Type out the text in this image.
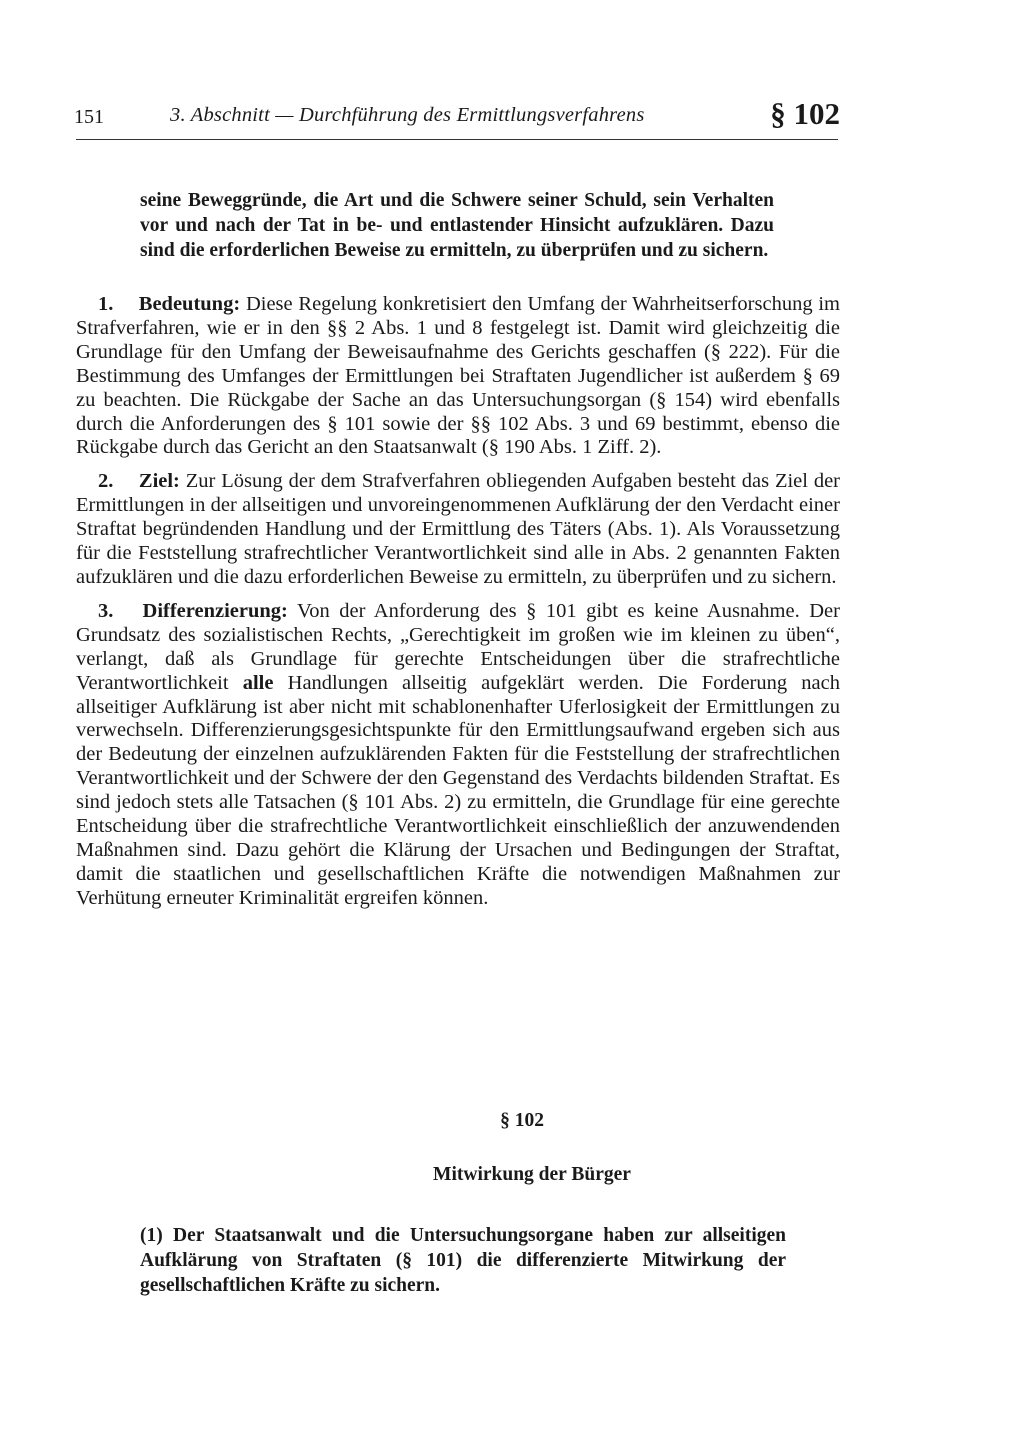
151	3. Abschnitt — Durchführung des Ermittlungsverfahrens	§ 102

seine Beweggründe, die Art und die Schwere seiner Schuld, sein Verhalten vor und nach der Tat in be- und entlastender Hinsicht aufzuklären. Dazu sind die erforderlichen Beweise zu ermitteln, zu überprüfen und zu sichern.

1. Bedeutung: Diese Regelung konkretisiert den Umfang der Wahrheitserforschung im Strafverfahren, wie er in den §§ 2 Abs. 1 und 8 festgelegt ist. Damit wird gleichzeitig die Grundlage für den Umfang der Beweisaufnahme des Gerichts geschaffen (§ 222). Für die Bestimmung des Umfanges der Ermittlungen bei Straftaten Jugendlicher ist außerdem § 69 zu beachten. Die Rückgabe der Sache an das Untersuchungsorgan (§ 154) wird ebenfalls durch die Anforderungen des § 101 sowie der §§ 102 Abs. 3 und 69 bestimmt, ebenso die Rückgabe durch das Gericht an den Staatsanwalt (§ 190 Abs. 1 Ziff. 2).

2. Ziel: Zur Lösung der dem Strafverfahren obliegenden Aufgaben besteht das Ziel der Ermittlungen in der allseitigen und unvoreingenommenen Aufklärung der den Verdacht einer Straftat begründenden Handlung und der Ermittlung des Täters (Abs. 1). Als Voraussetzung für die Feststellung strafrechtlicher Verantwortlichkeit sind alle in Abs. 2 genannten Fakten aufzuklären und die dazu erforderlichen Beweise zu ermitteln, zu überprüfen und zu sichern.

3. Differenzierung: Von der Anforderung des § 101 gibt es keine Ausnahme. Der Grundsatz des sozialistischen Rechts, „Gerechtigkeit im großen wie im kleinen zu üben“, verlangt, daß als Grundlage für gerechte Entscheidungen über die strafrechtliche Verantwortlichkeit alle Handlungen allseitig aufgeklärt werden. Die Forderung nach allseitiger Aufklärung ist aber nicht mit schablonenhafter Uferlosigkeit der Ermittlungen zu verwechseln. Differenzierungsgesichtspunkte für den Ermittlungsaufwand ergeben sich aus der Bedeutung der einzelnen aufzuklärenden Fakten für die Feststellung der strafrechtlichen Verantwortlichkeit und der Schwere der den Gegenstand des Verdachts bildenden Straftat. Es sind jedoch stets alle Tatsachen (§ 101 Abs. 2) zu ermitteln, die Grundlage für eine gerechte Entscheidung über die strafrechtliche Verantwortlichkeit einschließlich der anzuwendenden Maßnahmen sind. Dazu gehört die Klärung der Ursachen und Bedingungen der Straftat, damit die staatlichen und gesellschaftlichen Kräfte die notwendigen Maßnahmen zur Verhütung erneuter Kriminalität ergreifen können.

§ 102
Mitwirkung der Bürger

(1) Der Staatsanwalt und die Untersuchungsorgane haben zur allseitigen Aufklärung von Straftaten (§ 101) die differenzierte Mitwirkung der gesellschaftlichen Kräfte zu sichern.
